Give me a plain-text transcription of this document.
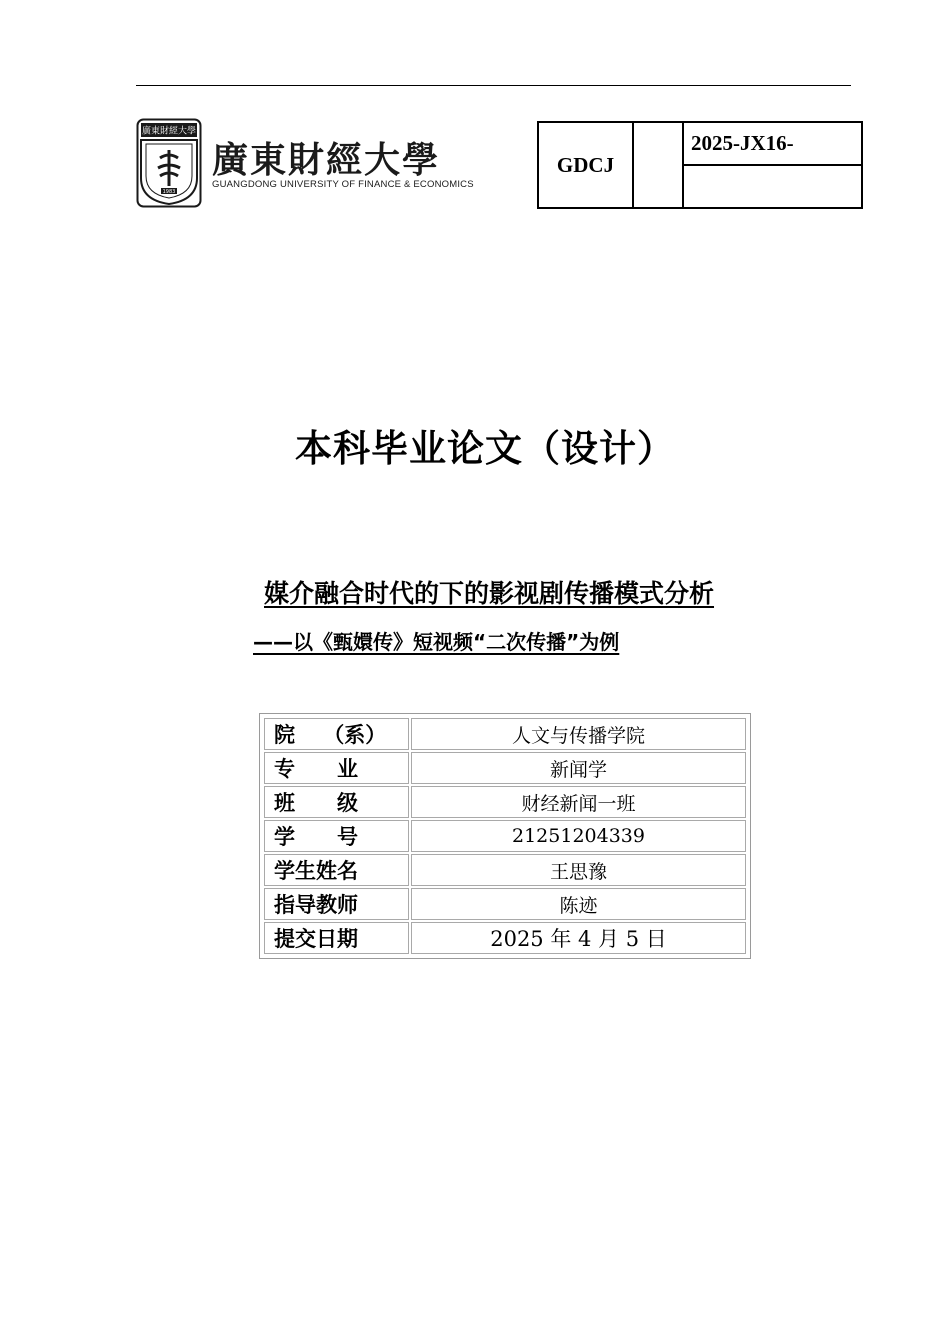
廣東財經大學
1983
廣東財經大學
GUANGDONG UNIVERSITY OF FINANCE & ECONOMICS
GDCJ
2025-JX16-
本科毕业论文（设计）
媒介融合时代的下的影视剧传播模式分析
——以《甄嬛传》短视频“二次传播”为例
院　 （系）	人文与传播学院
专　　业	新闻学
班　　级	财经新闻一班
学　　号	21251204339
学生姓名	王思豫
指导教师	陈迹
提交日期	2025 年 4 月 5 日
